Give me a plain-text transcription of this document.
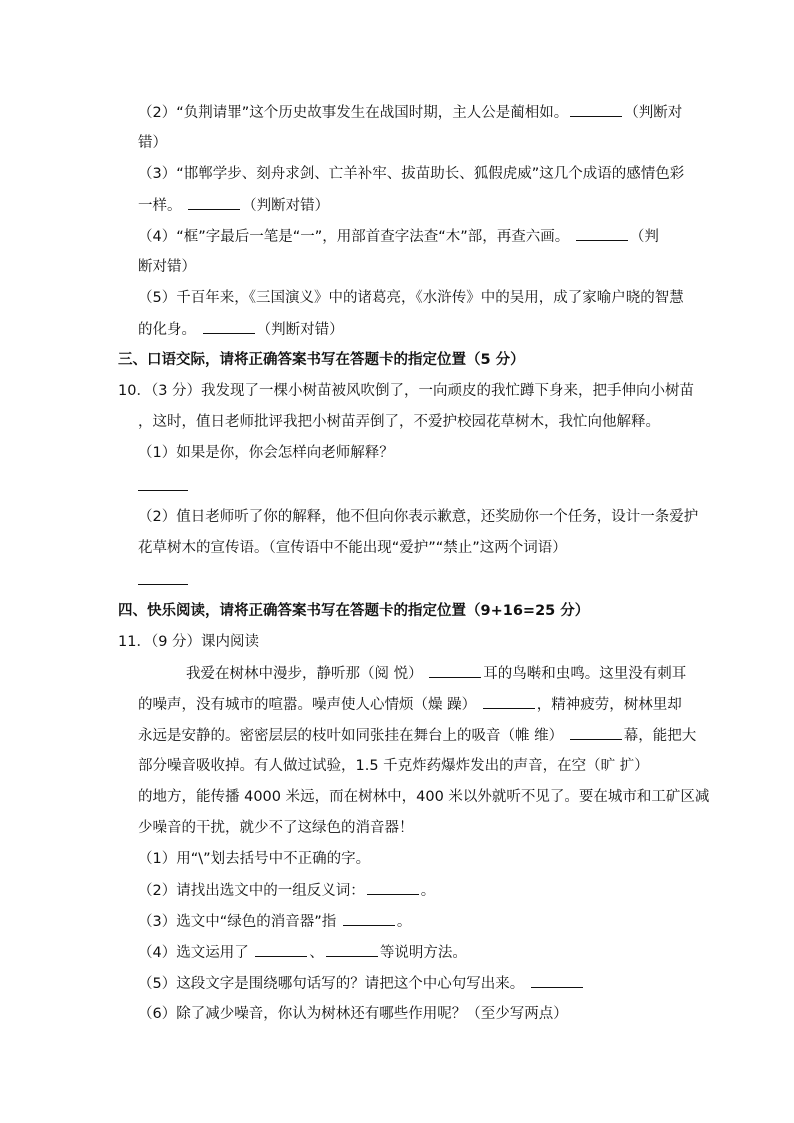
（2）“负荆请罪”这个历史故事发生在战国时期，主人公是蔺相如。	（判断对
错）
（3）“邯郸学步、刻舟求剑、亡羊补牢、拔苗助长、狐假虎威”这几个成语的感情色彩
一样。	（判断对错）
（4）“框”字最后一笔是“一”，用部首查字法查“木”部，再查六画。	（判
断对错）
（5）千百年来，《三国演义》中的诸葛亮，《水浒传》中的吴用，成了家喻户晓的智慧
的化身。	（判断对错）
三、口语交际，请将正确答案书写在答题卡的指定位置（5 分）
10．（3 分）我发现了一棵小树苗被风吹倒了，一向顽皮的我忙蹲下身来，把手伸向小树苗
，这时，值日老师批评我把小树苗弄倒了，不爱护校园花草树木，我忙向他解释。
（1）如果是你，你会怎样向老师解释？
（2）值日老师听了你的解释，他不但向你表示歉意，还奖励你一个任务，设计一条爱护
花草树木的宣传语。（宣传语中不能出现“爱护”“禁止”这两个词语）
四、快乐阅读，请将正确答案书写在答题卡的指定位置（9+16=25 分）
11．（9 分）课内阅读
我爱在树林中漫步，静听那（阅 悦）	耳的鸟啭和虫鸣。这里没有刺耳
的噪声，没有城市的喧嚣。噪声使人心情烦（燥 躁）	，精神疲劳，树林里却
永远是安静的。密密层层的枝叶如同张挂在舞台上的吸音（帷 维）	幕，能把大
部分噪音吸收掉。有人做过试验，1.5 千克炸药爆炸发出的声音，在空（旷 扩）
的地方，能传播 4000 米远，而在树林中，400 米以外就听不见了。要在城市和工矿区减
少噪音的干扰，就少不了这绿色的消音器！
（1）用“\”划去括号中不正确的字。
（2）请找出选文中的一组反义词：	。
（3）选文中“绿色的消音器”指	。
（4）选文运用了	、	等说明方法。
（5）这段文字是围绕哪句话写的？请把这个中心句写出来。
（6）除了减少噪音，你认为树林还有哪些作用呢？（至少写两点）
